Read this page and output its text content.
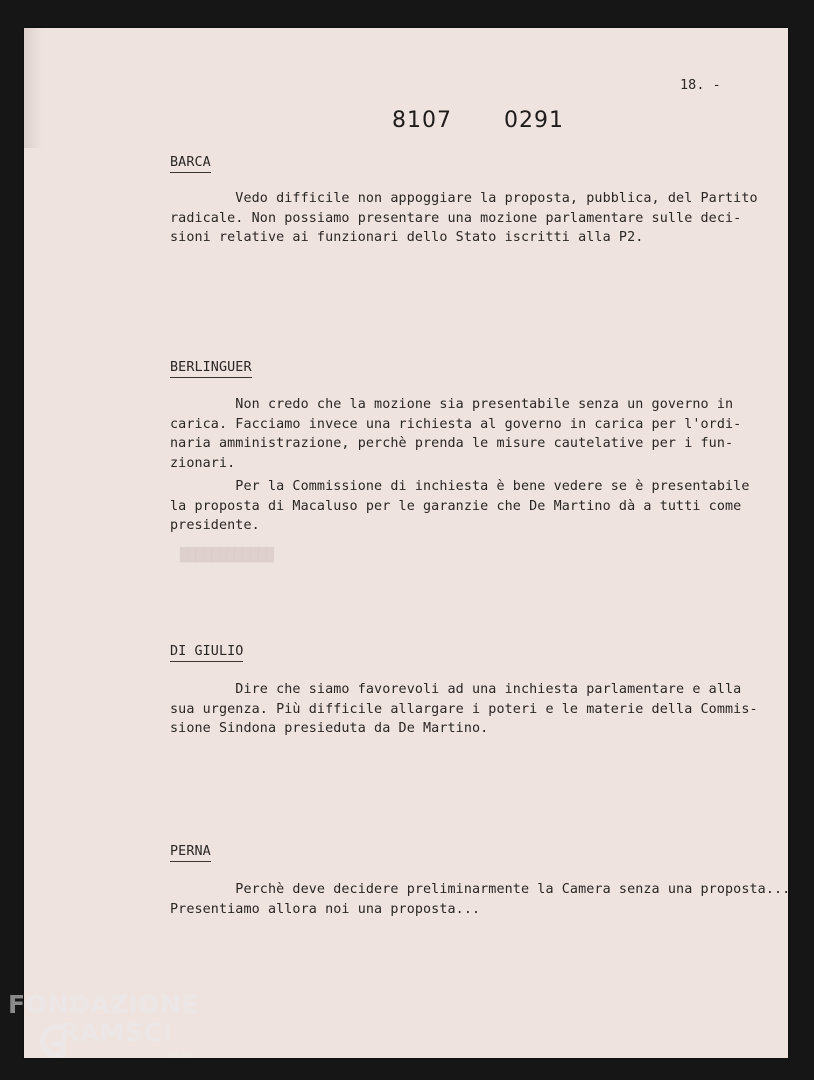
████████████
18. -
8107  0291
BARCA
Vedo difficile non appoggiare la proposta, pubblica, del Partito
radicale. Non possiamo presentare una mozione parlamentare sulle deci-
sioni relative ai funzionari dello Stato iscritti alla P2.
BERLINGUER
Non credo che la mozione sia presentabile senza un governo in
carica. Facciamo invece una richiesta al governo in carica per l'ordi-
naria amministrazione, perchè prenda le misure cautelative per i fun-
zionari.
Per la Commissione di inchiesta è bene vedere se è presentabile
la proposta di Macaluso per le garanzie che De Martino dà a tutti come
presidente.
DI GIULIO
Dire che siamo favorevoli ad una inchiesta parlamentare e alla
sua urgenza. Più difficile allargare i poteri e le materie della Commis-
sione Sindona presieduta da De Martino.
PERNA
Perchè deve decidere preliminarmente la Camera senza una proposta...
Presentiamo allora noi una proposta...
FONDAZIONE
RAMSCI
onlus
